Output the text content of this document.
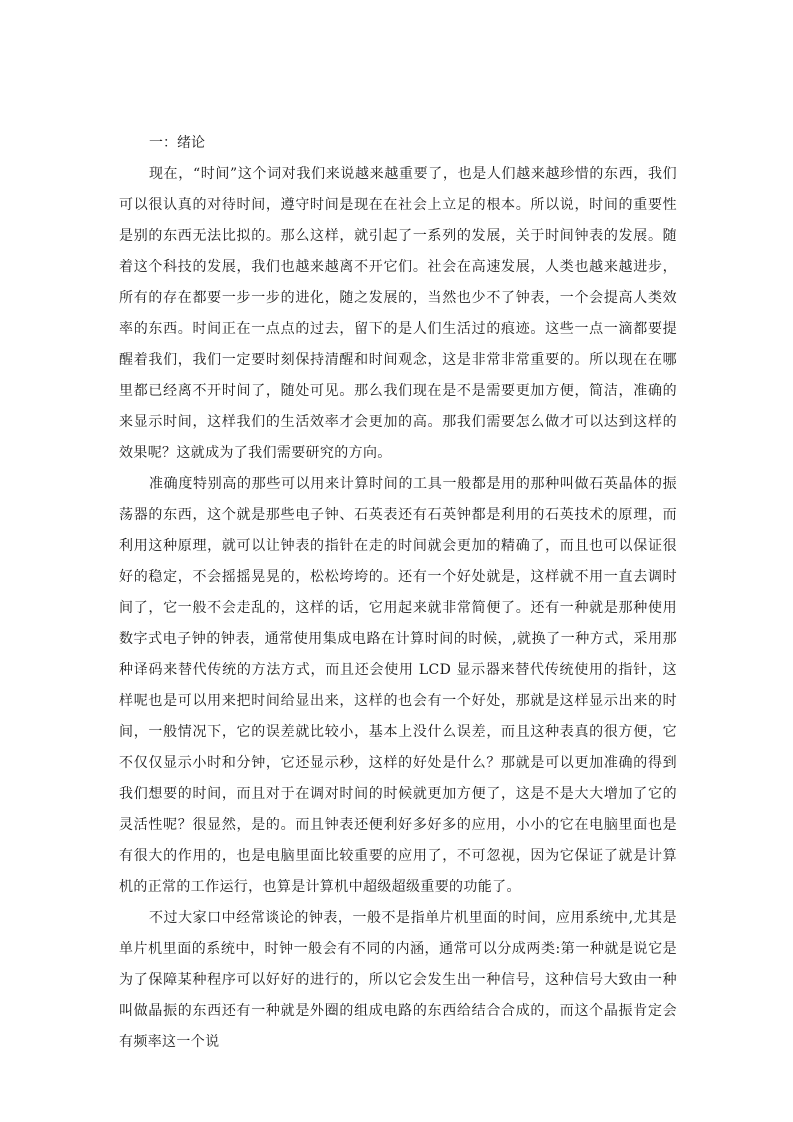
一：绪论

现在，“时间”这个词对我们来说越来越重要了，也是人们越来越珍惜的东西，我们可以很认真的对待时间，遵守时间是现在在社会上立足的根本。所以说，时间的重要性是别的东西无法比拟的。那么这样，就引起了一系列的发展，关于时间钟表的发展。随着这个科技的发展，我们也越来越离不开它们。社会在高速发展，人类也越来越进步，所有的存在都要一步一步的进化，随之发展的，当然也少不了钟表，一个会提高人类效率的东西。时间正在一点点的过去，留下的是人们生活过的痕迹。这些一点一滴都要提醒着我们，我们一定要时刻保持清醒和时间观念，这是非常非常重要的。所以现在在哪里都已经离不开时间了，随处可见。那么我们现在是不是需要更加方便，简洁，准确的来显示时间，这样我们的生活效率才会更加的高。那我们需要怎么做才可以达到这样的效果呢？这就成为了我们需要研究的方向。

准确度特别高的那些可以用来计算时间的工具一般都是用的那种叫做石英晶体的振荡器的东西，这个就是那些电子钟、石英表还有石英钟都是利用的石英技术的原理，而利用这种原理，就可以让钟表的指针在走的时间就会更加的精确了，而且也可以保证很好的稳定，不会摇摇晃晃的，松松垮垮的。还有一个好处就是，这样就不用一直去调时间了，它一般不会走乱的，这样的话，它用起来就非常简便了。还有一种就是那种使用数字式电子钟的钟表，通常使用集成电路在计算时间的时候，,就换了一种方式，采用那种译码来替代传统的方法方式，而且还会使用 LCD 显示器来替代传统使用的指针，这样呢也是可以用来把时间给显出来，这样的也会有一个好处，那就是这样显示出来的时间，一般情况下，它的误差就比较小，基本上没什么误差，而且这种表真的很方便，它不仅仅显示小时和分钟，它还显示秒，这样的好处是什么？那就是可以更加准确的得到我们想要的时间，而且对于在调对时间的时候就更加方便了，这是不是大大增加了它的灵活性呢？很显然，是的。而且钟表还便利好多好多的应用，小小的它在电脑里面也是有很大的作用的，也是电脑里面比较重要的应用了，不可忽视，因为它保证了就是计算机的正常的工作运行，也算是计算机中超级超级重要的功能了。

不过大家口中经常谈论的钟表，一般不是指单片机里面的时间，应用系统中,尤其是单片机里面的系统中，时钟一般会有不同的内涵，通常可以分成两类:第一种就是说它是为了保障某种程序可以好好的进行的，所以它会发生出一种信号，这种信号大致由一种叫做晶振的东西还有一种就是外圈的组成电路的东西给结合合成的，而这个晶振肯定会有频率这一个说
